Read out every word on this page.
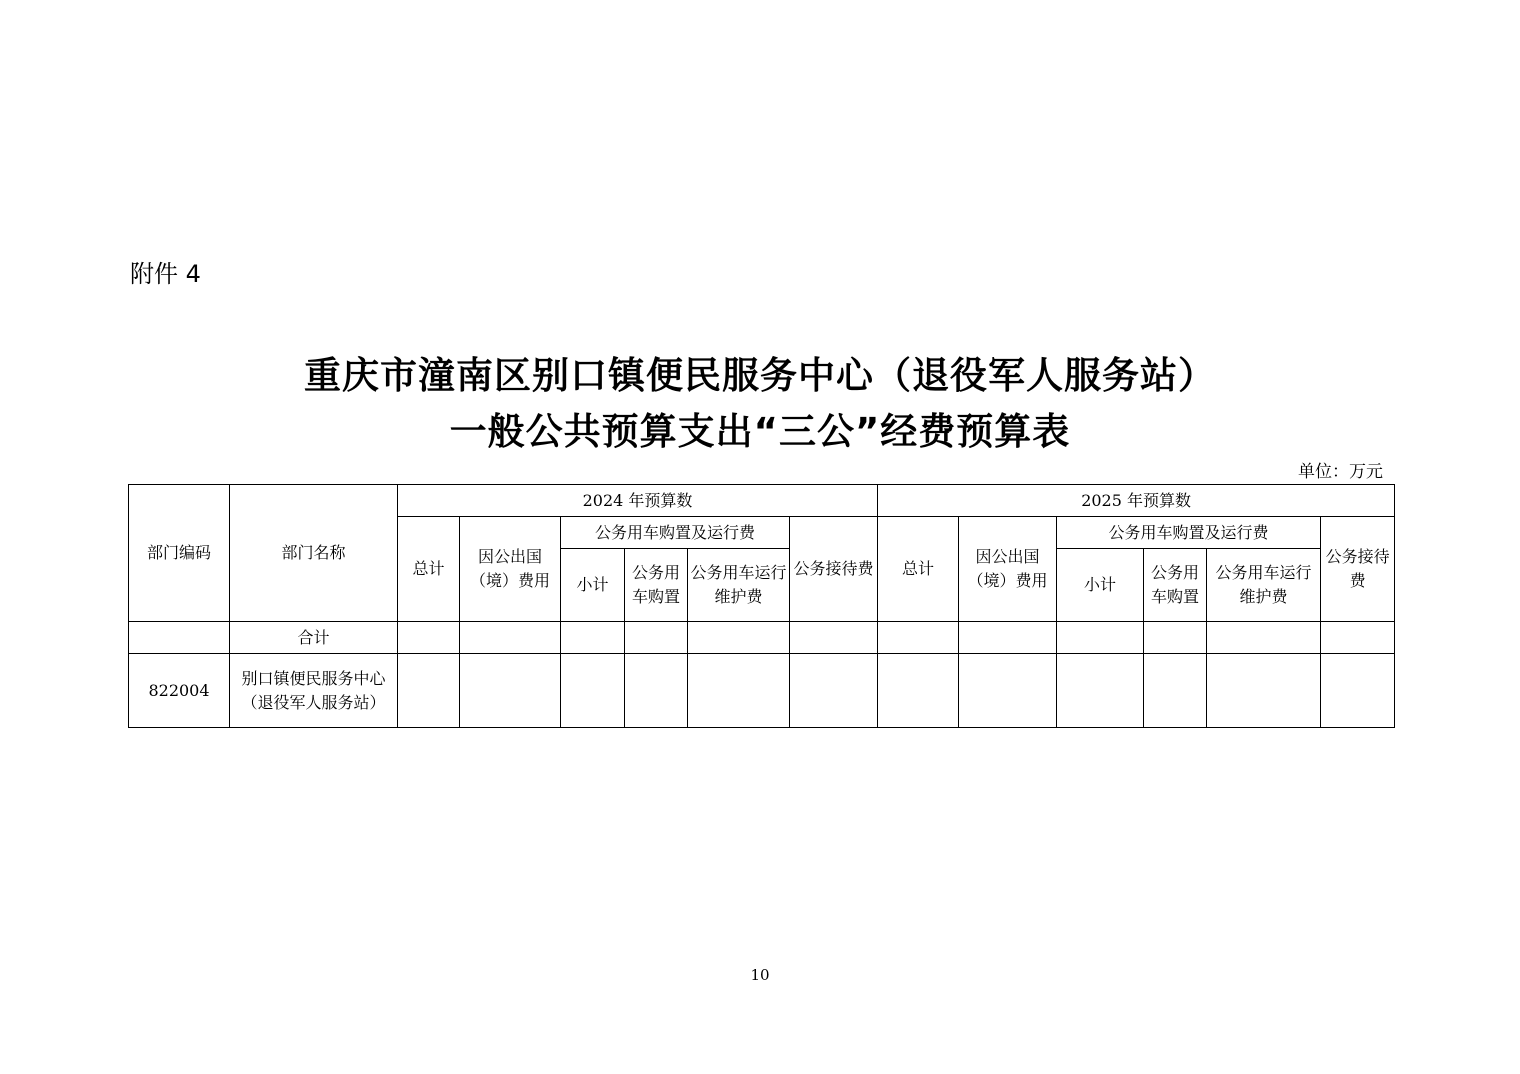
附件 4
重庆市潼南区别口镇便民服务中心（退役军人服务站）
一般公共预算支出“三公”经费预算表
单位：万元
部门编码	部门名称	2024 年预算数						2025 年预算数					
		总计	因公出国（境）费用	公务用车购置及运行费			公务接待费	总计	因公出国（境）费用	公务用车购置及运行费			公务接待费
				小计	公务用车购置	公务用车运行维护费				小计	公务用车购置	公务用车运行维护费	
	合计												
822004	别口镇便民服务中心（退役军人服务站）												
10
